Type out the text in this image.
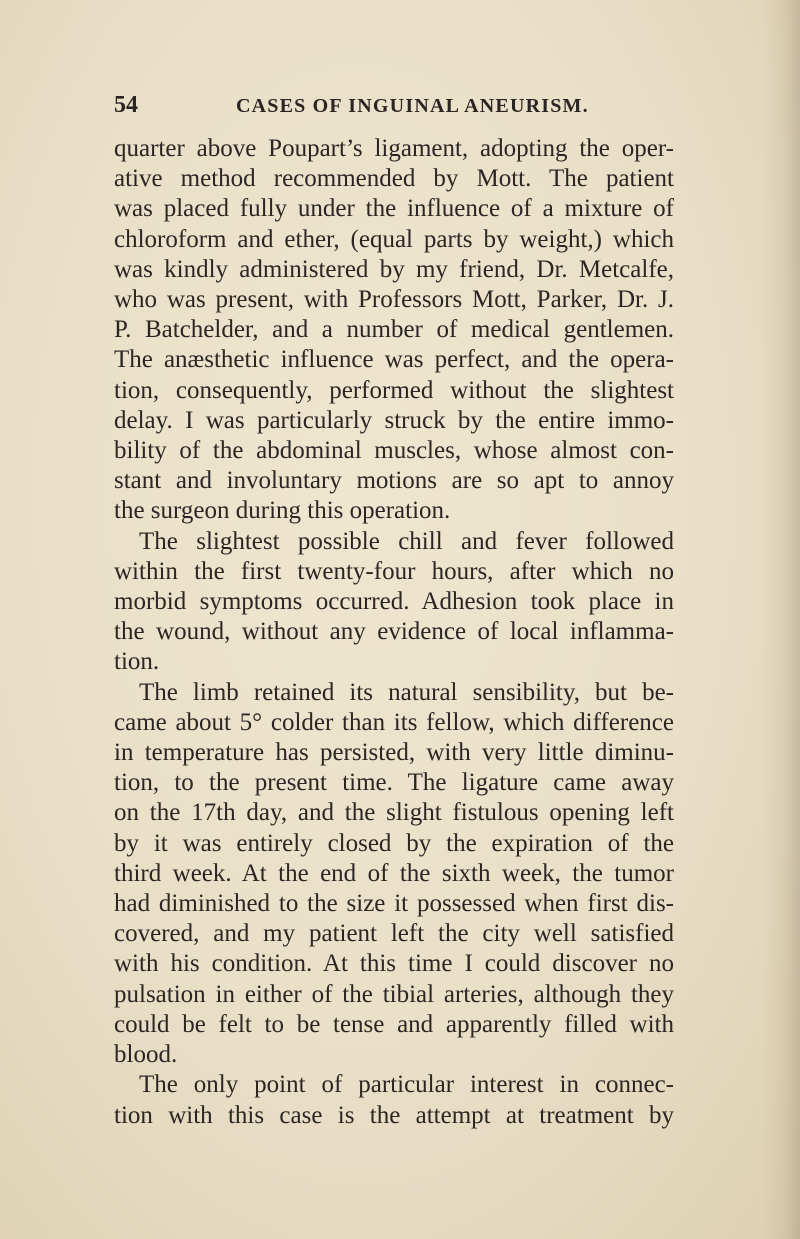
54	CASES OF INGUINAL ANEURISM.

quarter above Poupart’s ligament, adopting the oper-

ative method recommended by Mott. The patient

was placed fully under the influence of a mixture of

chloroform and ether, (equal parts by weight,) which

was kindly administered by my friend, Dr. Metcalfe,

who was present, with Professors Mott, Parker, Dr. J.

P. Batchelder, and a number of medical gentlemen.

The anæsthetic influence was perfect, and the opera-

tion, consequently, performed without the slightest

delay. I was particularly struck by the entire immo-

bility of the abdominal muscles, whose almost con-

stant and involuntary motions are so apt to annoy

the surgeon during this operation.

The slightest possible chill and fever followed

within the first twenty-four hours, after which no

morbid symptoms occurred. Adhesion took place in

the wound, without any evidence of local inflamma-

tion.

The limb retained its natural sensibility, but be-

came about 5° colder than its fellow, which difference

in temperature has persisted, with very little diminu-

tion, to the present time. The ligature came away

on the 17th day, and the slight fistulous opening left

by it was entirely closed by the expiration of the

third week. At the end of the sixth week, the tumor

had diminished to the size it possessed when first dis-

covered, and my patient left the city well satisfied

with his condition. At this time I could discover no

pulsation in either of the tibial arteries, although they

could be felt to be tense and apparently filled with

blood.

The only point of particular interest in connec-

tion with this case is the attempt at treatment by
